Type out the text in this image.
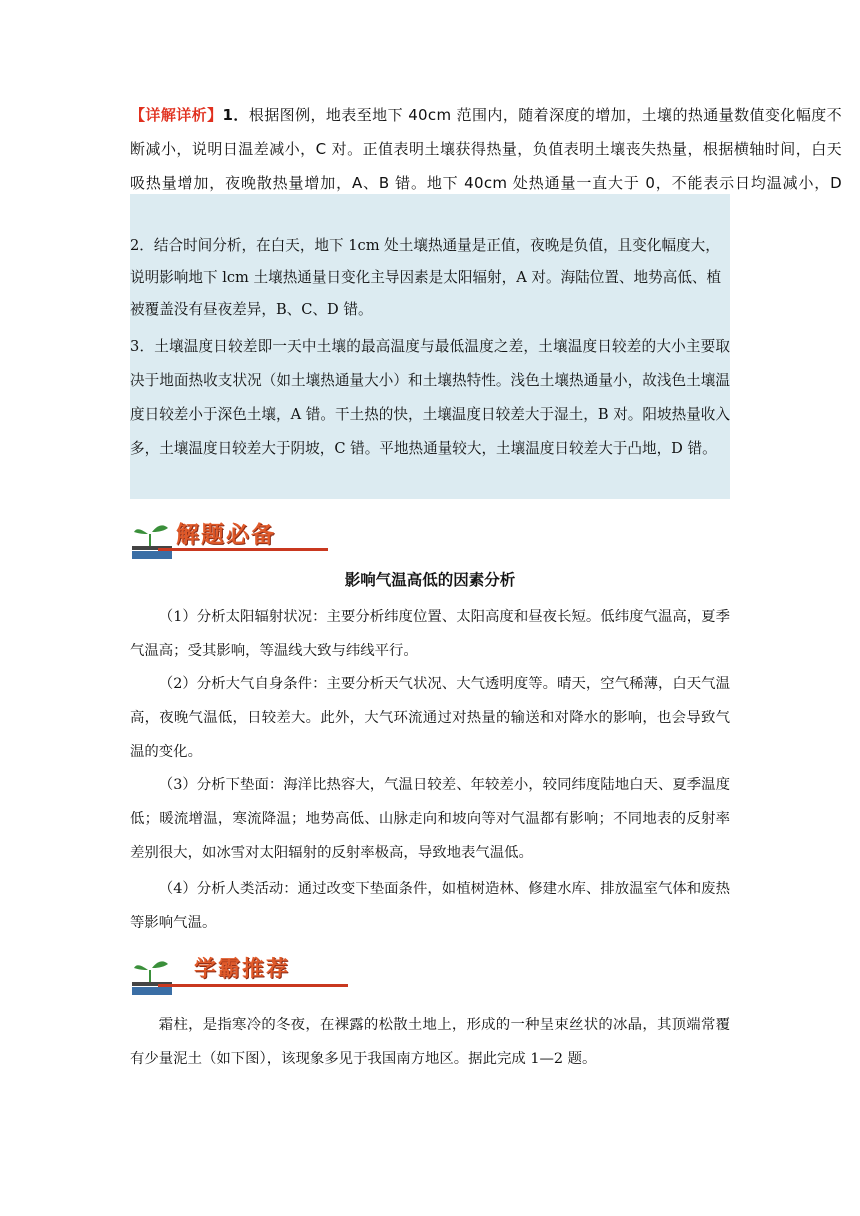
【详解详析】1．根据图例，地表至地下 40cm 范围内，随着深度的增加，土壤的热通量数值变化幅度不断减小，说明日温差减小，C 对。正值表明土壤获得热量，负值表明土壤丧失热量，根据横轴时间，白天吸热量增加，夜晚散热量增加，A、B 错。地下 40cm 处热通量一直大于 0，不能表示日均温减小，D

2．结合时间分析，在白天，地下 1cm 处土壤热通量是正值，夜晚是负值，且变化幅度大，

说明影响地下 lcm 土壤热通量日变化主导因素是太阳辐射，A 对。海陆位置、地势高低、植

被覆盖没有昼夜差异，B、C、D 错。

3．土壤温度日较差即一天中土壤的最高温度与最低温度之差，土壤温度日较差的大小主要取决于地面热收支状况（如土壤热通量大小）和土壤热特性。浅色土壤热通量小，故浅色土壤温度日较差小于深色土壤，A 错。干土热的快，土壤温度日较差大于湿土，B 对。阳坡热量收入多，土壤温度日较差大于阴坡，C 错。平地热通量较大，土壤温度日较差大于凸地，D 错。

解题必备
影响气温高低的因素分析
（1）分析太阳辐射状况：主要分析纬度位置、太阳高度和昼夜长短。低纬度气温高，夏季气温高；受其影响，等温线大致与纬线平行。
（2）分析大气自身条件：主要分析天气状况、大气透明度等。晴天，空气稀薄，白天气温高，夜晚气温低，日较差大。此外，大气环流通过对热量的输送和对降水的影响，也会导致气温的变化。
（3）分析下垫面：海洋比热容大，气温日较差、年较差小，较同纬度陆地白天、夏季温度低；暖流增温，寒流降温；地势高低、山脉走向和坡向等对气温都有影响；不同地表的反射率差别很大，如冰雪对太阳辐射的反射率极高，导致地表气温低。
（4）分析人类活动：通过改变下垫面条件，如植树造林、修建水库、排放温室气体和废热等影响气温。
学霸推荐
霜柱，是指寒冷的冬夜，在裸露的松散土地上，形成的一种呈束丝状的冰晶，其顶端常覆有少量泥土（如下图），该现象多见于我国南方地区。据此完成 1—2 题。
